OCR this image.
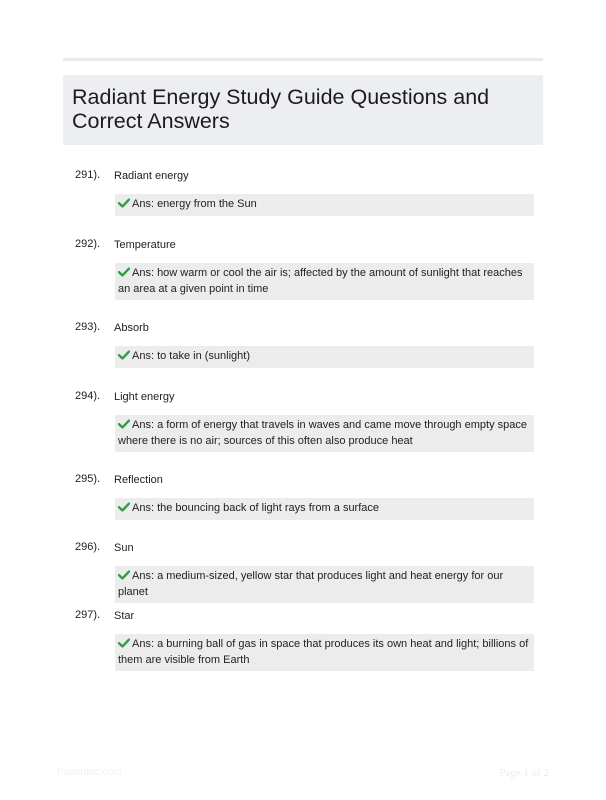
Radiant Energy Study Guide Questions and Correct Answers
291). Radiant energy
Ans: energy from the Sun
292). Temperature
Ans: how warm or cool the air is; affected by the amount of sunlight that reaches an area at a given point in time
293). Absorb
Ans: to take in (sunlight)
294). Light energy
Ans: a form of energy that travels in waves and came move through empty space where there is no air; sources of this often also produce heat
295). Reflection
Ans: the bouncing back of light rays from a surface
296). Sun
Ans: a medium-sized, yellow star that produces light and heat energy for our planet
297). Star
Ans: a burning ball of gas in space that produces its own heat and light; billions of them are visible from Earth
Papertbtc.com	Page 1 of 2
